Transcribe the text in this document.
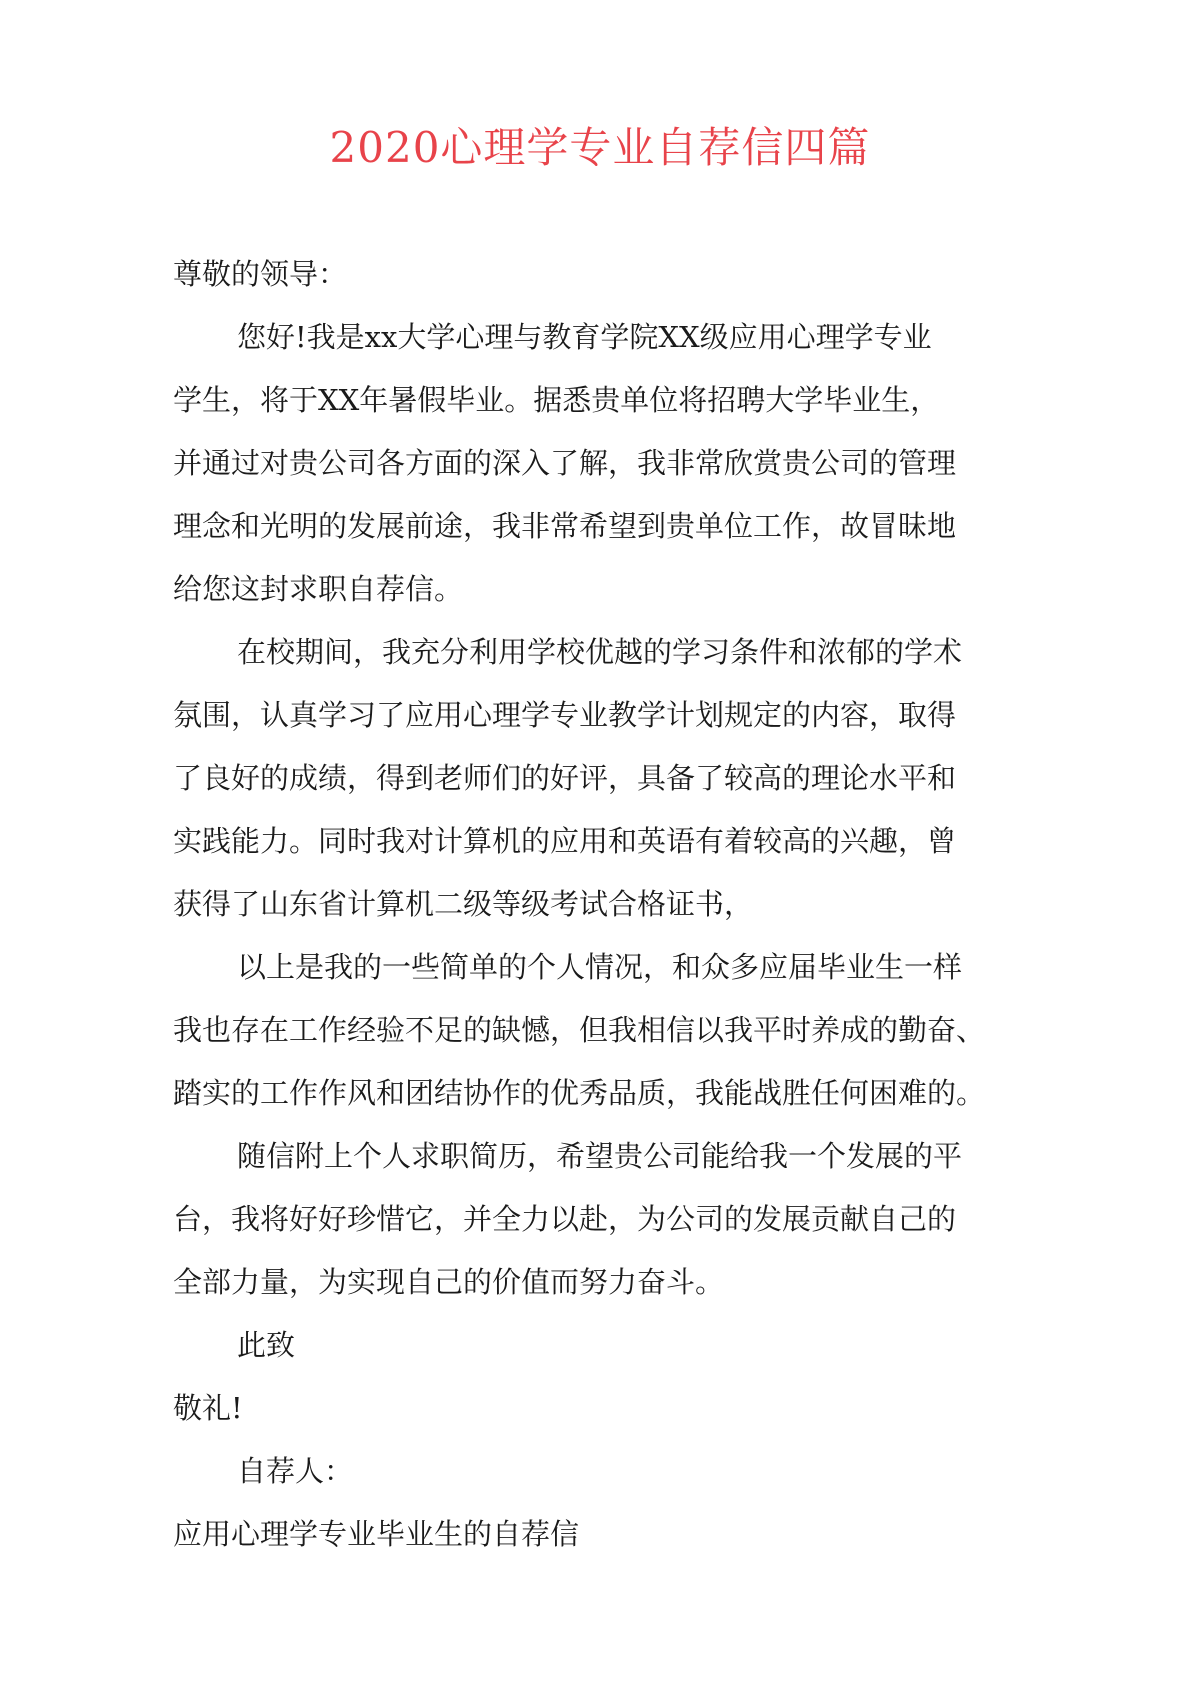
2020心理学专业自荐信四篇
尊敬的领导：
您好!我是xx大学心理与教育学院XX级应用心理学专业
学生，将于XX年暑假毕业。据悉贵单位将招聘大学毕业生，
并通过对贵公司各方面的深入了解，我非常欣赏贵公司的管理
理念和光明的发展前途，我非常希望到贵单位工作，故冒昧地
给您这封求职自荐信。
在校期间，我充分利用学校优越的学习条件和浓郁的学术
氛围，认真学习了应用心理学专业教学计划规定的内容，取得
了良好的成绩，得到老师们的好评，具备了较高的理论水平和
实践能力。同时我对计算机的应用和英语有着较高的兴趣，曾
获得了山东省计算机二级等级考试合格证书，
以上是我的一些简单的个人情况，和众多应届毕业生一样
我也存在工作经验不足的缺憾，但我相信以我平时养成的勤奋、
踏实的工作作风和团结协作的优秀品质，我能战胜任何困难的。
随信附上个人求职简历，希望贵公司能给我一个发展的平
台，我将好好珍惜它，并全力以赴，为公司的发展贡献自己的
全部力量，为实现自己的价值而努力奋斗。
此致
敬礼!
自荐人：
应用心理学专业毕业生的自荐信
